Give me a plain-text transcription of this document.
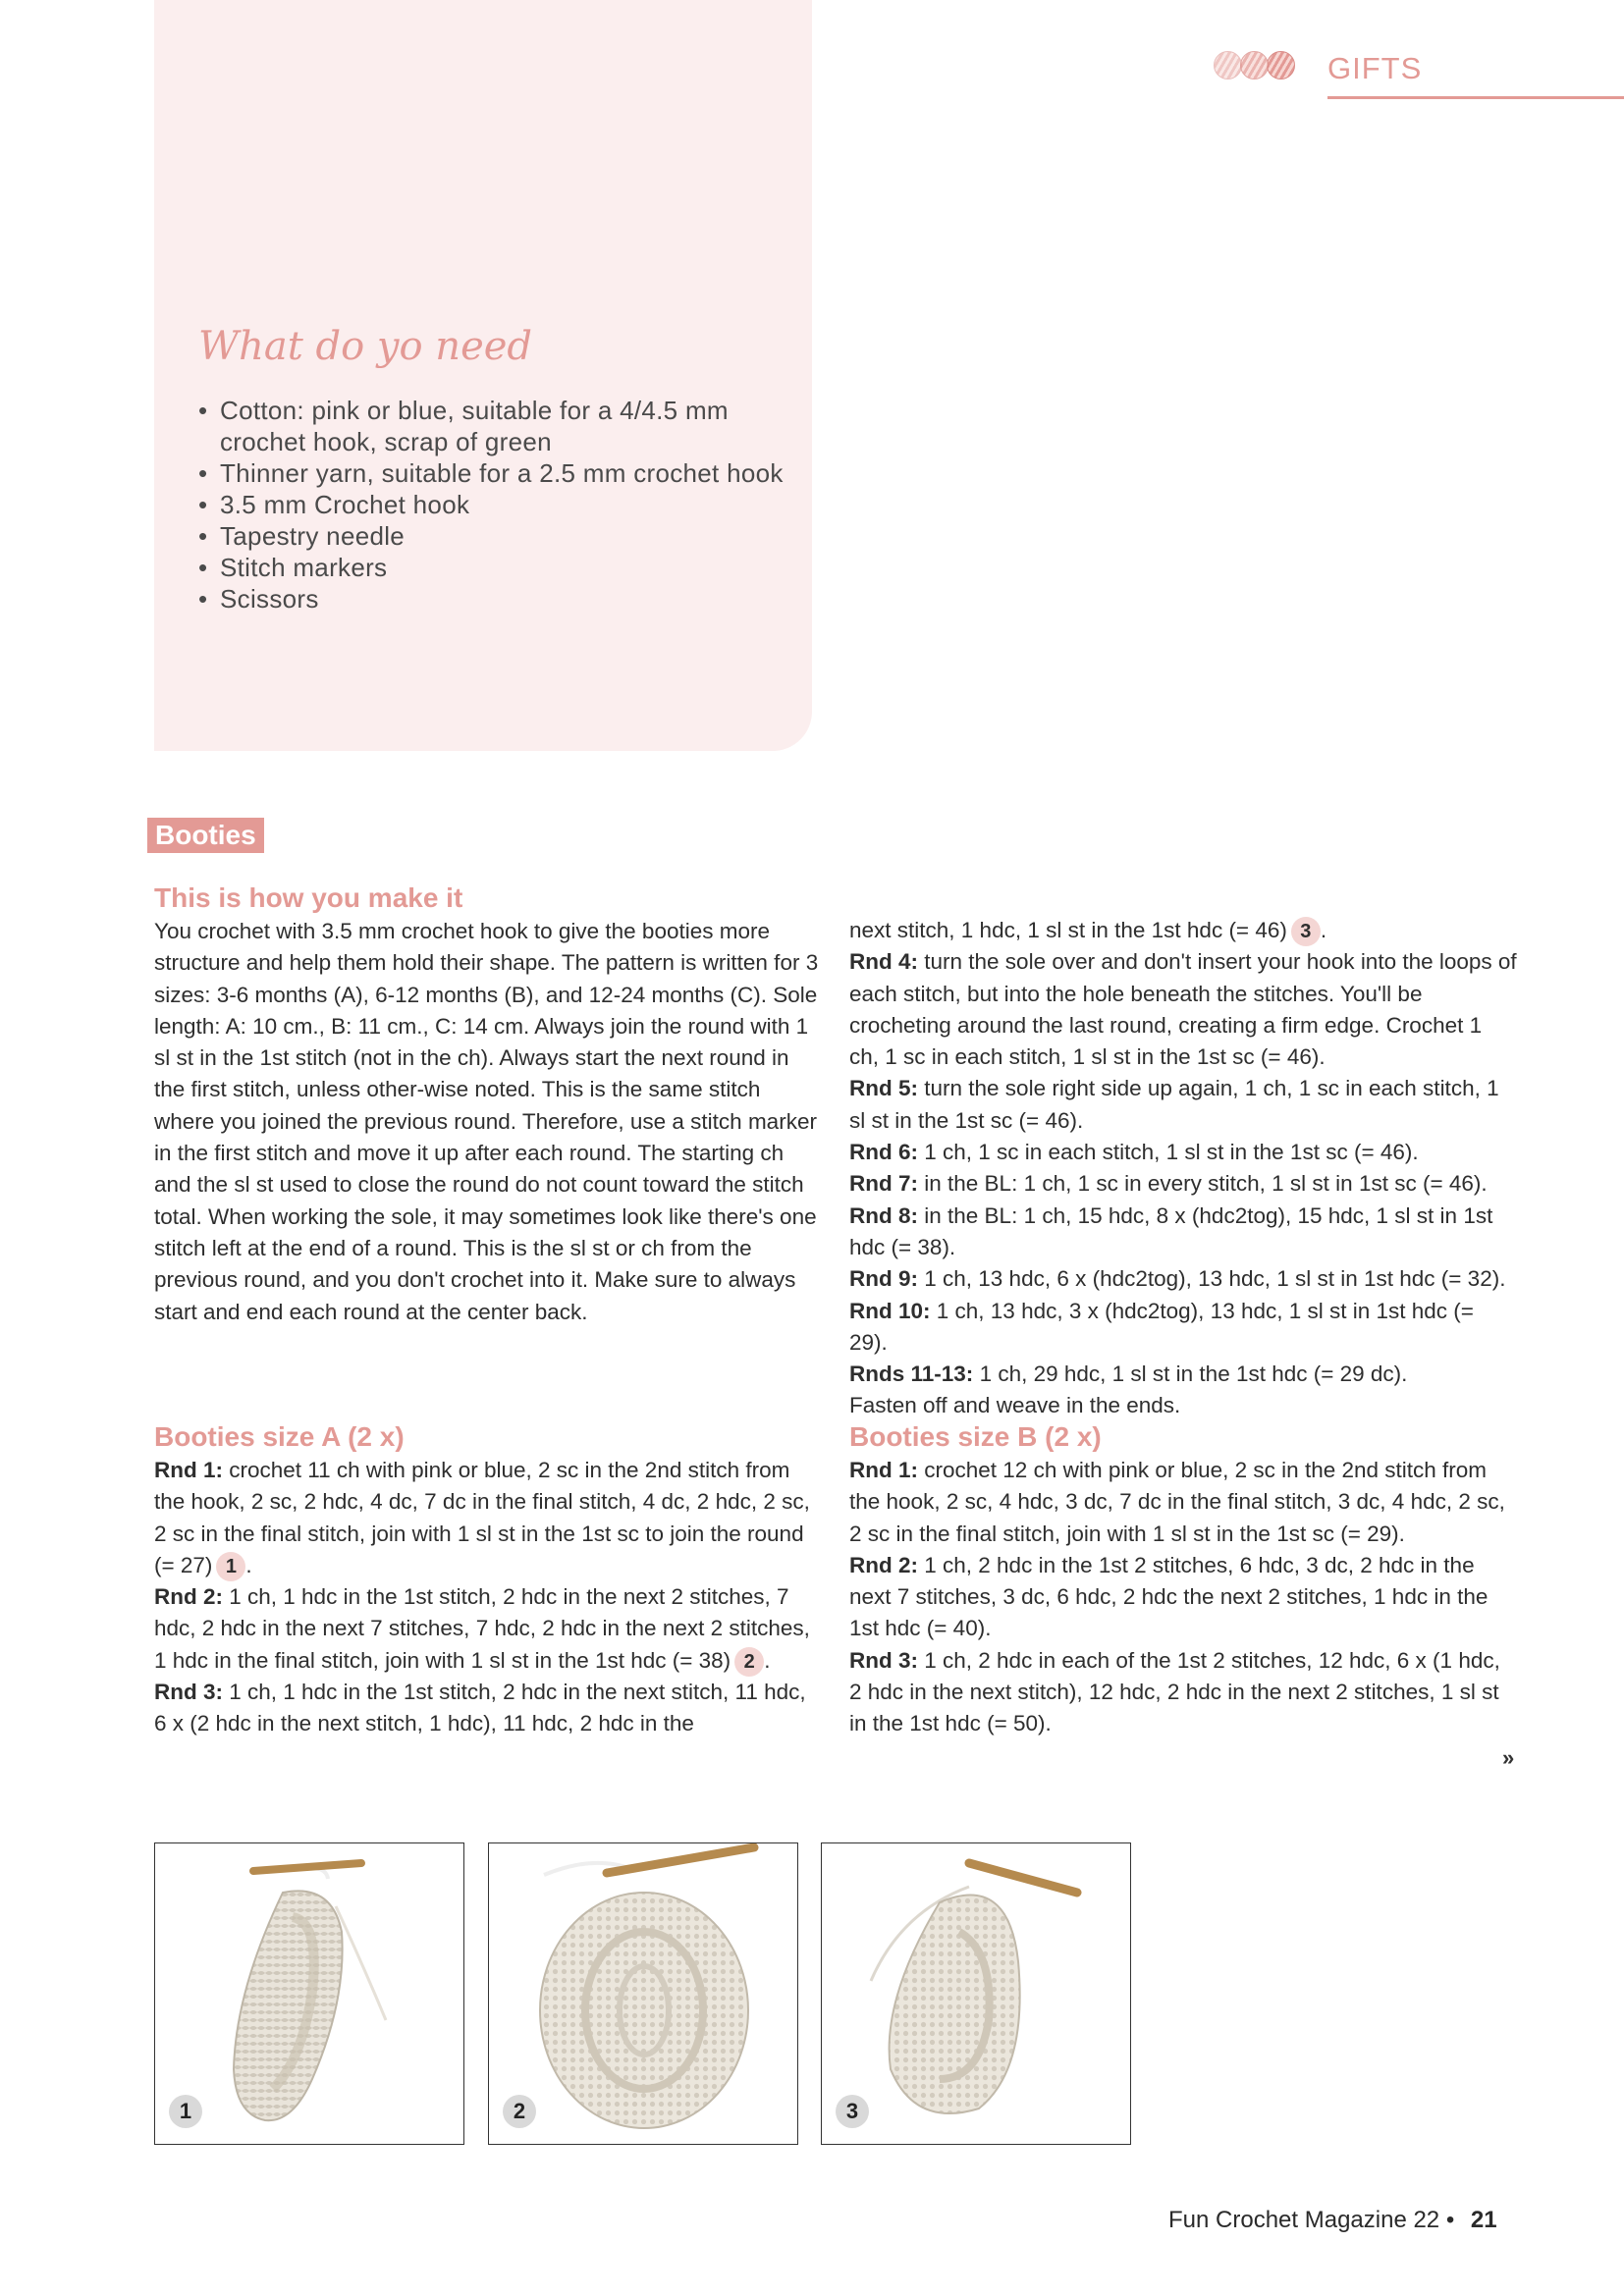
GIFTS
What do yo need
• Cotton: pink or blue, suitable for a 4/4.5 mm crochet hook, scrap of green
• Thinner yarn, suitable for a 2.5 mm crochet hook
• 3.5 mm Crochet hook
• Tapestry needle
• Stitch markers
• Scissors
Booties
This is how you make it

You crochet with 3.5 mm crochet hook to give the booties more structure and help them hold their shape. The pattern is written for 3 sizes: 3-6 months (A), 6-12 months (B), and 12-24 months (C). Sole length: A: 10 cm., B: 11 cm., C: 14 cm. Always join the round with 1 sl st in the 1st stitch (not in the ch). Always start the next round in the first stitch, unless other-wise noted. This is the same stitch where you joined the previous round. Therefore, use a stitch marker in the first stitch and move it up after each round. The starting ch and the sl st used to close the round do not count toward the stitch total. When working the sole, it may sometimes look like there's one stitch left at the end of a round. This is the sl st or ch from the previous round, and you don't crochet into it. Make sure to always start and end each round at the center back.

next stitch, 1 hdc, 1 sl st in the 1st hdc (= 46) 3 .

Rnd 4: turn the sole over and don't insert your hook into the loops of each stitch, but into the hole beneath the stitches. You'll be crocheting around the last round, creating a firm edge. Crochet 1 ch, 1 sc in each stitch, 1 sl st in the 1st sc (= 46).

Rnd 5: turn the sole right side up again, 1 ch, 1 sc in each stitch, 1 sl st in the 1st sc (= 46).

Rnd 6: 1 ch, 1 sc in each stitch, 1 sl st in the 1st sc (= 46).

Rnd 7: in the BL: 1 ch, 1 sc in every stitch, 1 sl st in 1st sc (= 46).

Rnd 8: in the BL: 1 ch, 15 hdc, 8 x (hdc2tog), 15 hdc, 1 sl st in 1st hdc (= 38).

Rnd 9: 1 ch, 13 hdc, 6 x (hdc2tog), 13 hdc, 1 sl st in 1st hdc (= 32).

Rnd 10: 1 ch, 13 hdc, 3 x (hdc2tog), 13 hdc, 1 sl st in 1st hdc (= 29).

Rnds 11-13: 1 ch, 29 hdc, 1 sl st in the 1st hdc (= 29 dc).

Fasten off and weave in the ends.

Booties size A (2 x)

Rnd 1: crochet 11 ch with pink or blue, 2 sc in the 2nd stitch from the hook, 2 sc, 2 hdc, 4 dc, 7 dc in the final stitch, 4 dc, 2 hdc, 2 sc, 2 sc in the final stitch, join with 1 sl st in the 1st sc to join the round (= 27) 1 .

Rnd 2: 1 ch, 1 hdc in the 1st stitch, 2 hdc in the next 2 stitches, 7 hdc, 2 hdc in the next 7 stitches, 7 hdc, 2 hdc in the next 2 stitches, 1 hdc in the final stitch, join with 1 sl st in the 1st hdc (= 38) 2 .

Rnd 3: 1 ch, 1 hdc in the 1st stitch, 2 hdc in the next stitch, 11 hdc, 6 x (2 hdc in the next stitch, 1 hdc), 11 hdc, 2 hdc in the

Booties size B (2 x)

Rnd 1: crochet 12 ch with pink or blue, 2 sc in the 2nd stitch from the hook, 2 sc, 4 hdc, 3 dc, 7 dc in the final stitch, 3 dc, 4 hdc, 2 sc, 2 sc in the final stitch, join with 1 sl st in the 1st sc (= 29).

Rnd 2: 1 ch, 2 hdc in the 1st 2 stitches, 6 hdc, 3 dc, 2 hdc in the next 7 stitches, 3 dc, 6 hdc, 2 hdc the next 2 stitches, 1 hdc in the 1st hdc (= 40).

Rnd 3: 1 ch, 2 hdc in each of the 1st 2 stitches, 12 hdc, 6 x (1 hdc, 2 hdc in the next stitch), 12 hdc, 2 hdc in the next 2 stitches, 1 sl st in the 1st hdc (= 50).

»
1	2	3
Fun Crochet Magazine 22 • 21
